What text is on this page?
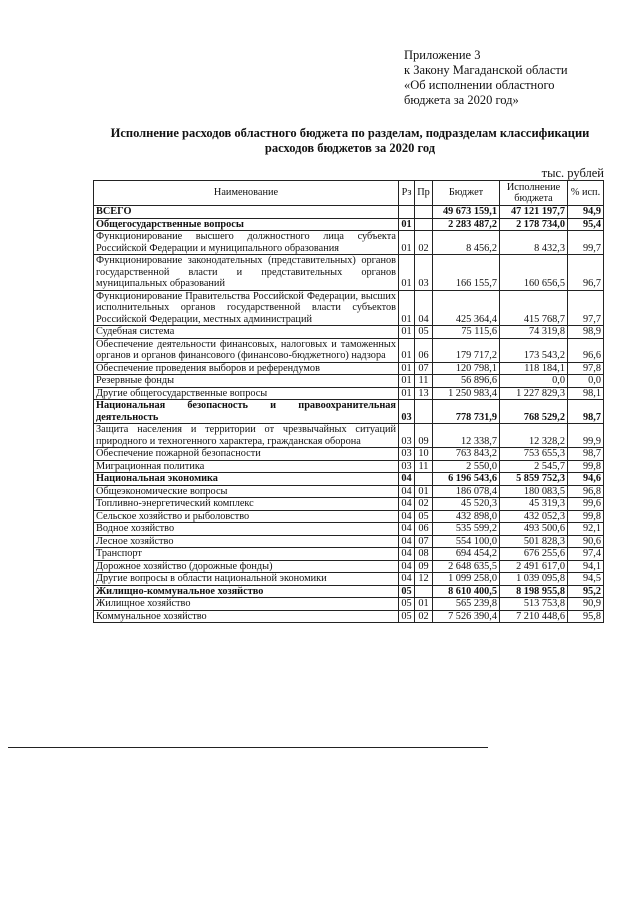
Приложение 3
к Закону Магаданской области
«Об исполнении областного
бюджета за 2020 год»
Исполнение расходов областного бюджета по разделам, подразделам классификации расходов бюджетов за 2020 год
тыс. рублей
Наименование	Рз	Пр	Бюджет	Исполнение бюджета	% исп.
ВСЕГО			49 673 159,1	47 121 197,7	94,9
Общегосударственные вопросы	01		2 283 487,2	2 178 734,0	95,4
Функционирование высшего должностного лица субъекта Российской Федерации и муниципального образования	01	02	8 456,2	8 432,3	99,7
Функционирование законодательных (представительных) органов государственной власти и представительных органов муниципальных образований	01	03	166 155,7	160 656,5	96,7
Функционирование Правительства Российской Федерации, высших исполнительных органов государственной власти субъектов Российской Федерации, местных администраций	01	04	425 364,4	415 768,7	97,7
Судебная система	01	05	75 115,6	74 319,8	98,9
Обеспечение деятельности финансовых, налоговых и таможенных органов и органов финансового (финансово-бюджетного) надзора	01	06	179 717,2	173 543,2	96,6
Обеспечение проведения выборов и референдумов	01	07	120 798,1	118 184,1	97,8
Резервные фонды	01	11	56 896,6	0,0	0,0
Другие общегосударственные вопросы	01	13	1 250 983,4	1 227 829,3	98,1
Национальная безопасность и правоохранительная деятельность	03		778 731,9	768 529,2	98,7
Защита населения и территории от чрезвычайных ситуаций природного и техногенного характера, гражданская оборона	03	09	12 338,7	12 328,2	99,9
Обеспечение пожарной безопасности	03	10	763 843,2	753 655,3	98,7
Миграционная политика	03	11	2 550,0	2 545,7	99,8
Национальная экономика	04		6 196 543,6	5 859 752,3	94,6
Общеэкономические вопросы	04	01	186 078,4	180 083,5	96,8
Топливно-энергетический комплекс	04	02	45 520,3	45 319,3	99,6
Сельское хозяйство и рыболовство	04	05	432 898,0	432 052,3	99,8
Водное хозяйство	04	06	535 599,2	493 500,6	92,1
Лесное хозяйство	04	07	554 100,0	501 828,3	90,6
Транспорт	04	08	694 454,2	676 255,6	97,4
Дорожное хозяйство (дорожные фонды)	04	09	2 648 635,5	2 491 617,0	94,1
Другие вопросы в области национальной экономики	04	12	1 099 258,0	1 039 095,8	94,5
Жилищно-коммунальное хозяйство	05		8 610 400,5	8 198 955,8	95,2
Жилищное хозяйство	05	01	565 239,8	513 753,8	90,9
Коммунальное хозяйство	05	02	7 526 390,4	7 210 448,6	95,8
